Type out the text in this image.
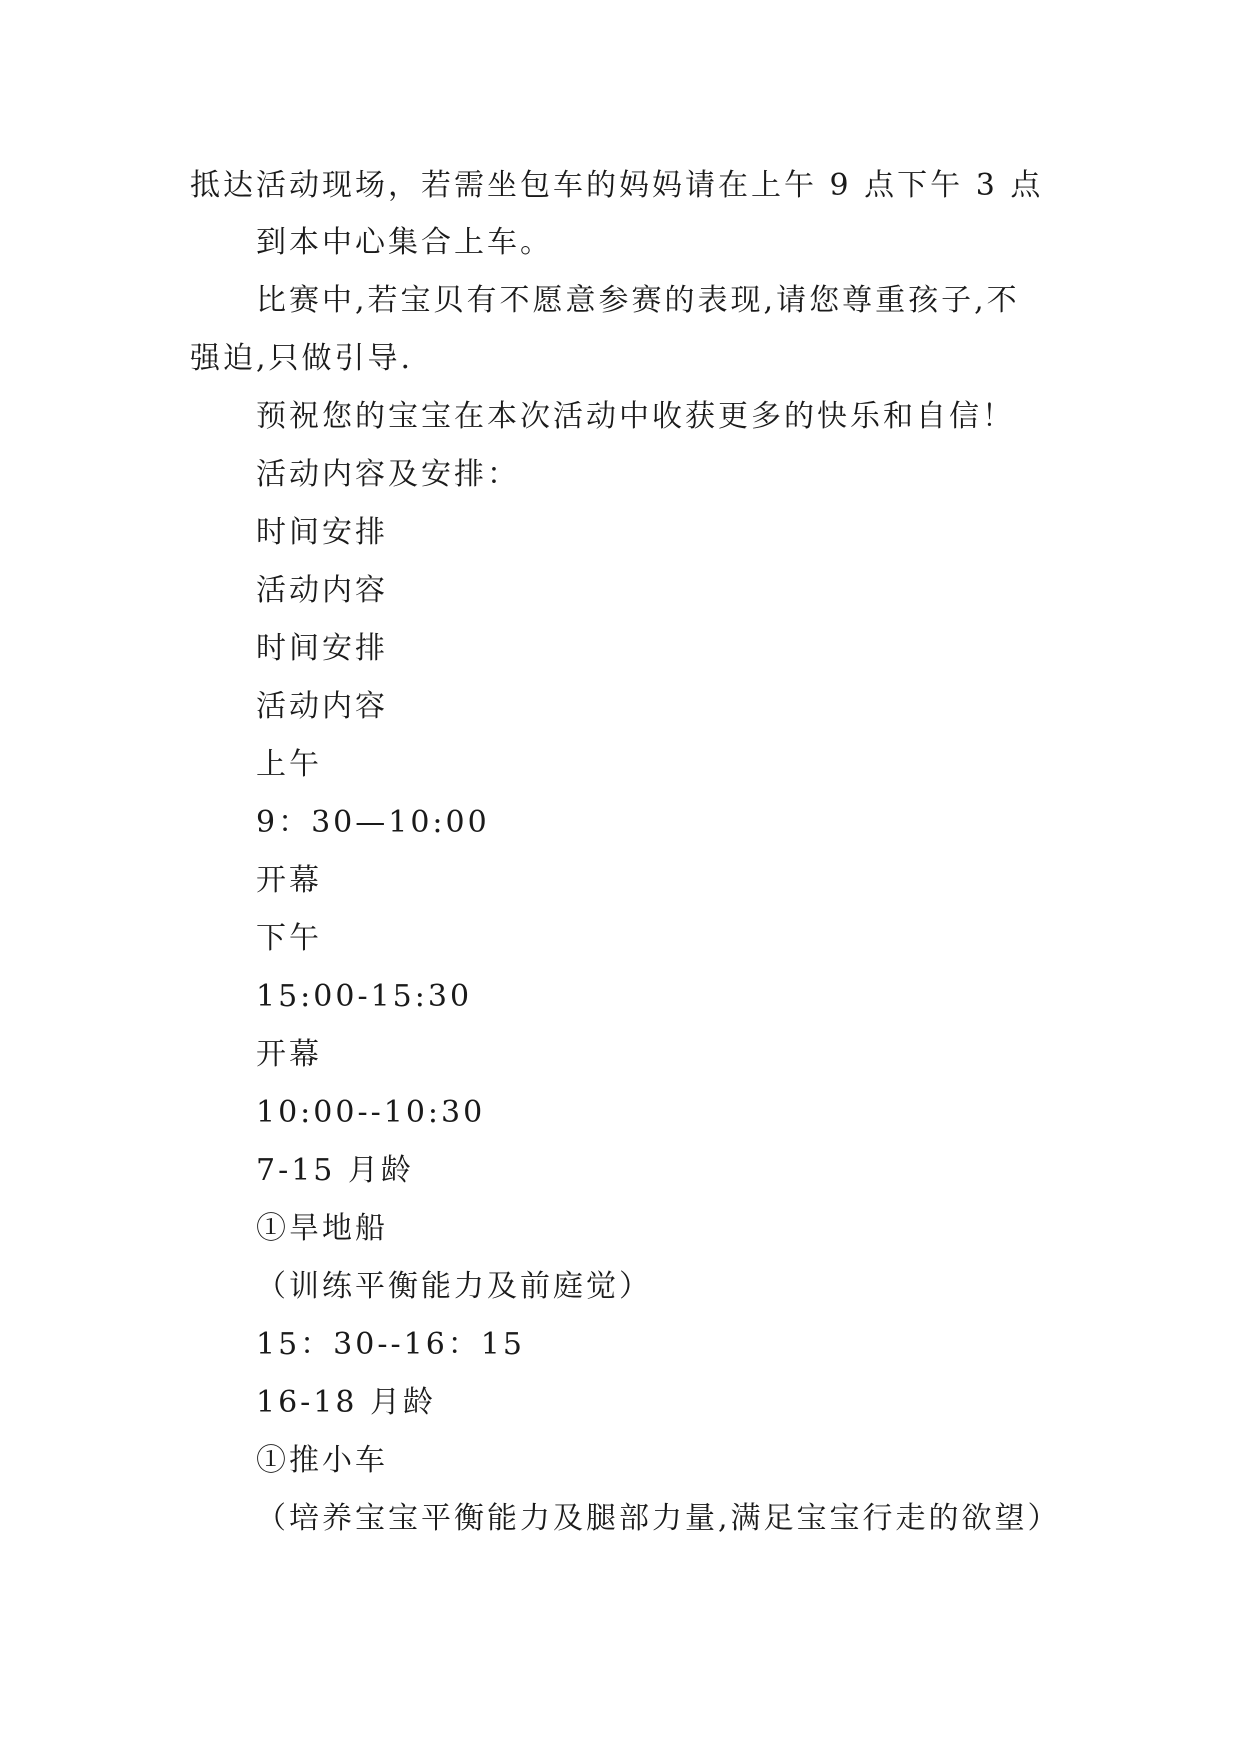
抵达活动现场，若需坐包车的妈妈请在上午 9 点下午 3 点
到本中心集合上车。
比赛中,若宝贝有不愿意参赛的表现,请您尊重孩子,不
强迫,只做引导.
预祝您的宝宝在本次活动中收获更多的快乐和自信！
活动内容及安排：
时间安排
活动内容
时间安排
活动内容
上午
9：30—10:00
开幕
下午
15:00-15:30
开幕
10:00--10:30
7-15 月龄
①旱地船
（训练平衡能力及前庭觉）
15：30--16：15
16-18 月龄
①推小车
（培养宝宝平衡能力及腿部力量,满足宝宝行走的欲望）
